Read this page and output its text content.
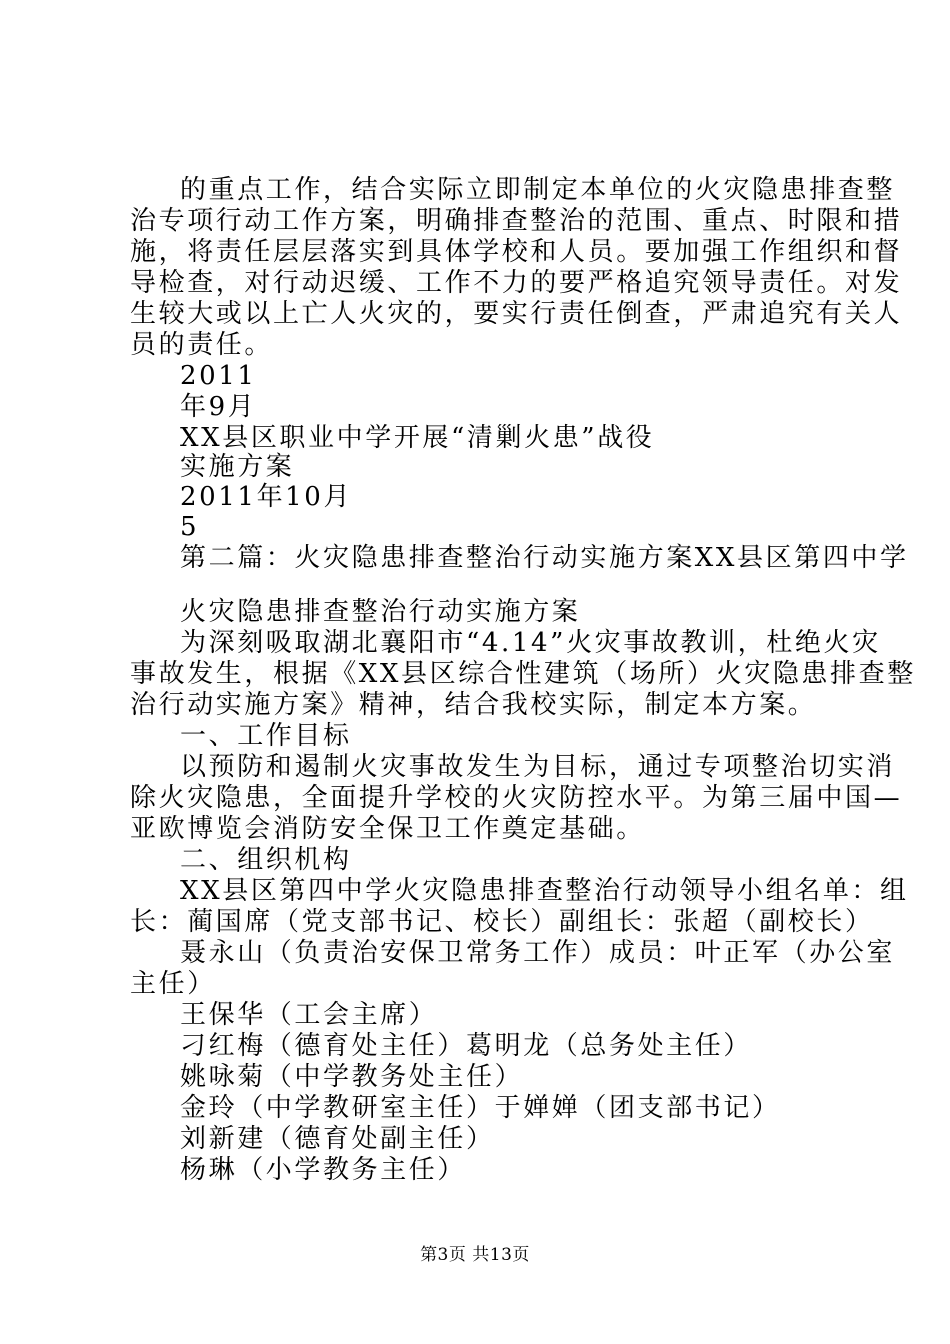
的重点工作，结合实际立即制定本单位的火灾隐患排查整
治专项行动工作方案，明确排查整治的范围、重点、时限和措
施，将责任层层落实到具体学校和人员。要加强工作组织和督
导检查，对行动迟缓、工作不力的要严格追究领导责任。对发
生较大或以上亡人火灾的，要实行责任倒查，严肃追究有关人
员的责任。
2011
年9月
XX县区职业中学开展“清剿火患”战役
实施方案
2011年10月
5
第二篇：火灾隐患排查整治行动实施方案XX县区第四中学
火灾隐患排查整治行动实施方案
为深刻吸取湖北襄阳市“4.14”火灾事故教训，杜绝火灾
事故发生，根据《XX县区综合性建筑（场所）火灾隐患排查整
治行动实施方案》精神，结合我校实际，制定本方案。
一、工作目标
以预防和遏制火灾事故发生为目标，通过专项整治切实消
除火灾隐患，全面提升学校的火灾防控水平。为第三届中国—
亚欧博览会消防安全保卫工作奠定基础。
二、组织机构
XX县区第四中学火灾隐患排查整治行动领导小组名单：组
长：蔺国席（党支部书记、校长）副组长：张超（副校长）
聂永山（负责治安保卫常务工作）成员：叶正军（办公室
主任）
王保华（工会主席）
刁红梅（德育处主任）葛明龙（总务处主任）
姚咏菊（中学教务处主任）
金玲（中学教研室主任）于婵婵（团支部书记）
刘新建（德育处副主任）
杨琳（小学教务主任）
第3页 共13页
